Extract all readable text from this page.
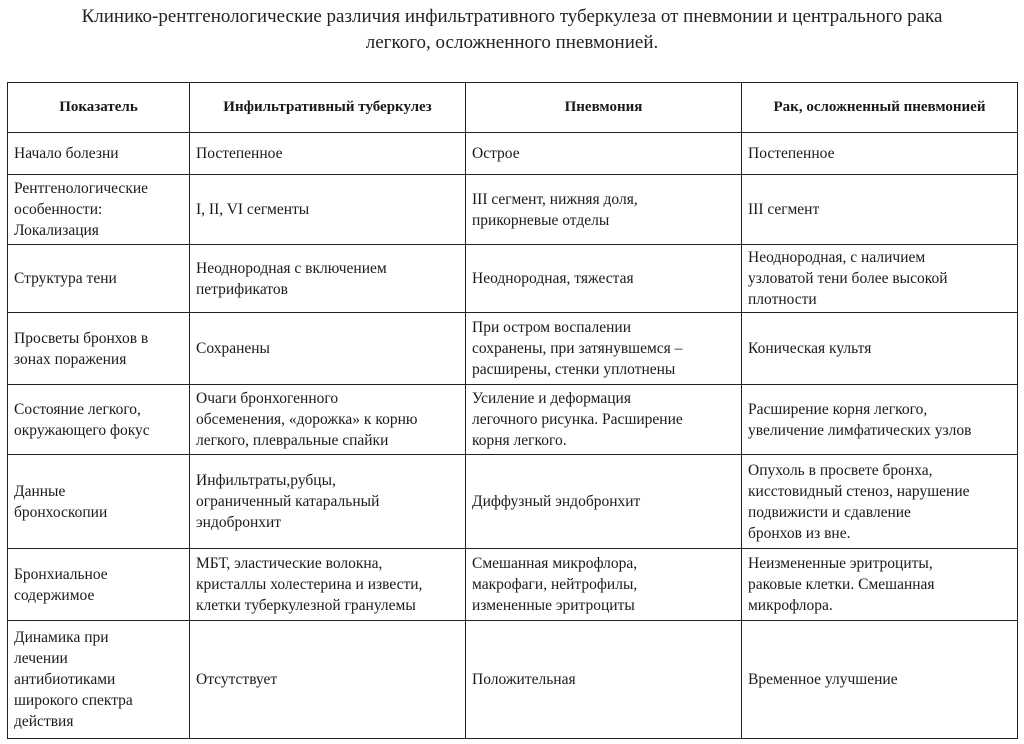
Клинико-рентгенологические различия инфильтративного туберкулеза от пневмонии и центрального рака
легкого, осложненного пневмонией.
Показатель	Инфильтративный туберкулез	Пневмония	Рак, осложненный пневмонией

Начало болезни	Постепенное	Острое	Постепенное

Рентгенологические
особенности:
Локализация	I, II, VI сегменты	III сегмент, нижняя доля,
прикорневые отделы	III сегмент

Структура тени	Неоднородная с включением
петрификатов	Неоднородная, тяжестая	Неоднородная, с наличием
узловатой тени более высокой
плотности

Просветы бронхов в
зонах поражения	Сохранены	При остром воспалении
сохранены, при затянувшемся –
расширены, стенки уплотнены	Коническая культя

Состояние легкого,
окружающего фокус	Очаги бронхогенного
обсеменения, «дорожка» к корню
легкого, плевральные спайки	Усиление и деформация
легочного рисунка. Расширение
корня легкого.	Расширение корня легкого,
увеличение лимфатических узлов

Данные
бронхоскопии	Инфильтраты,рубцы,
ограниченный катаральный
эндобронхит	Диффузный эндобронхит	Опухоль в просвете бронха,
кисстовидный стеноз, нарушение
подвижисти и сдавление
бронхов из вне.

Бронхиальное
содержимое	МБТ, эластические волокна,
кристаллы холестерина и извести,
клетки туберкулезной гранулемы	Смешанная микрофлора,
макрофаги, нейтрофилы,
измененные эритроциты	Неизмененные эритроциты,
раковые клетки. Смешанная
микрофлора.

Динамика при
лечении
антибиотиками
широкого спектра
действия	Отсутствует	Положительная	Временное улучшение
